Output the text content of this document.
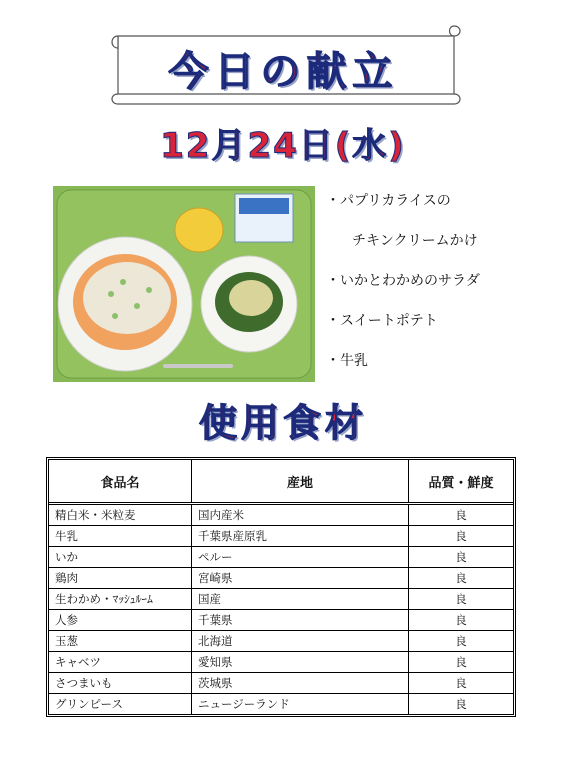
今日の献立
12月24日(水)
・パプリカライスの
チキンクリームかけ
・いかとわかめのサラダ
・スイートポテト
・牛乳
使用食材
食品名	産地	品質・鮮度
精白米・米粒麦	国内産米	良
牛乳	千葉県産原乳	良
いか	ペルー	良
鶏肉	宮崎県	良
生わかめ・ﾏｯｼｭﾙｰﾑ	国産	良
人参	千葉県	良
玉葱	北海道	良
キャベツ	愛知県	良
さつまいも	茨城県	良
グリンピース	ニュージーランド	良
